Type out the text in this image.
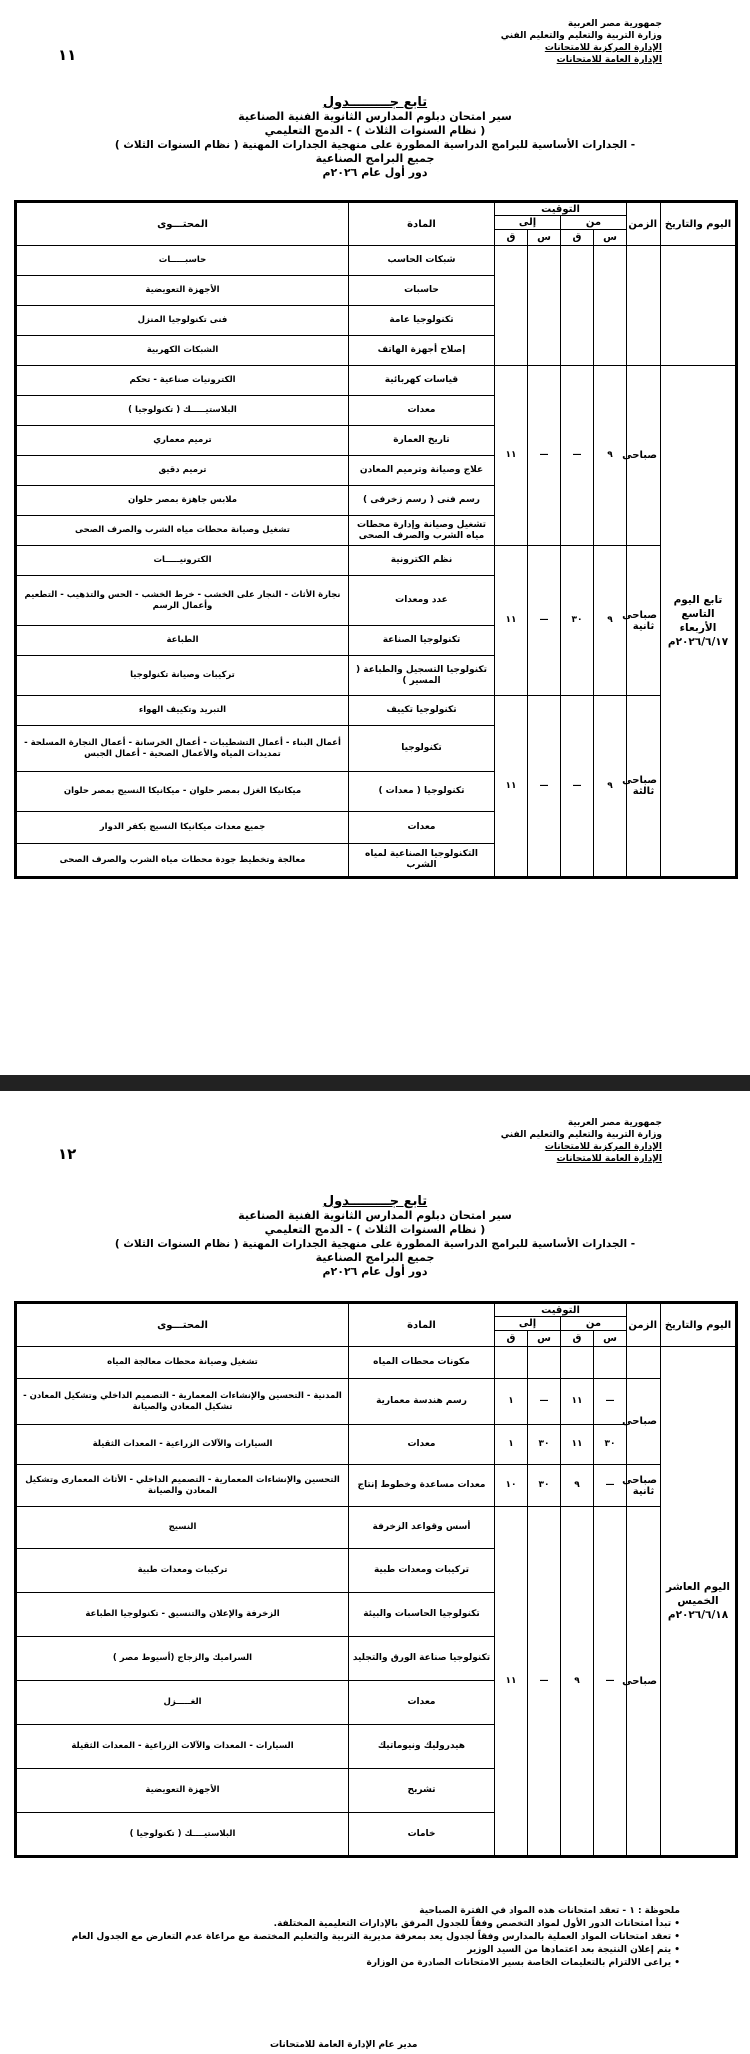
١١
جمهورية مصر العربية
وزارة التربية والتعليم والتعليم الفني
الإدارة المركزية للامتحانات
الإدارة العامة للامتحانات
تابع جـــــــــدول
سير امتحان دبلوم المدارس الثانوية الفنية الصناعية
( نظام السنوات الثلاث ) - الدمج التعليمي
- الجدارات الأساسية للبرامج الدراسية المطورة على منهجية الجدارات المهنية ( نظام السنوات الثلاث )
جميع البرامج الصناعية
دور أول عام ٢٠٢٦م
اليوم والتاريخ	الزمن	التوقيت				المادة	المحتـــوى
		من		إلى			
		س	ق	س	ق		
						شبكات الحاسب	حاسبـــــات
						حاسبات	الأجهزة التعويضية
						تكنولوجيا عامة	فنى تكنولوجيا المنزل
						إصلاح أجهزة الهاتف	الشبكات الكهربية
تابع اليوم التاسع الأربعاء ٢٠٢٦/٦/١٧م	صباحى	٩	—	—	١١	قياسات كهربائية	الكترونيات صناعية - تحكم
						معدات	البلاستيـــــك ( تكنولوجيا )
						تاريخ العمارة	ترميم معماري
						علاج وصيانة وترميم المعادن	ترميم دقيق
						رسم فنى ( رسم زخرفى )	ملابس جاهزة بمصر حلوان
						تشغيل وصيانة وإدارة محطات مياه الشرب والصرف الصحى	تشغيل وصيانة محطات مياه الشرب والصرف الصحى
	صباحى ثانية	٩	٣٠	—	١١	نظم الكترونية	الكترونيـــــات
						عدد ومعدات	نجارة الأثاث - النجار على الخشب - خرط الخشب - الحس والتذهيب - التطعيم وأعمال الرسم
						تكنولوجيا الصناعة	الطباعة
						تكنولوجيا التسجيل والطباعة ( المسير )	تركيبات وصيانة تكنولوجيا
	صباحى ثالثة	٩	—	—	١١	تكنولوجيا تكييف	التبريد وتكييف الهواء
						تكنولوجيا	أعمال البناء - أعمال التشطيبات - أعمال الخرسانة - أعمال النجارة المسلحة - تمديدات المياه والأعمال الصحية - أعمال الجبس
						تكنولوجيا ( معدات )	ميكانيكا الغزل بمصر حلوان - ميكانيكا النسيج بمصر حلوان
						معدات	جميع معدات ميكانيكا النسيج بكفر الدوار
						التكنولوجيا الصناعية لمياه الشرب	معالجة وتخطيط جودة محطات مياه الشرب والصرف الصحى
١٢
جمهورية مصر العربية
وزارة التربية والتعليم والتعليم الفني
الإدارة المركزية للامتحانات
الإدارة العامة للامتحانات
تابع جـــــــــدول
سير امتحان دبلوم المدارس الثانوية الفنية الصناعية
( نظام السنوات الثلاث ) - الدمج التعليمي
- الجدارات الأساسية للبرامج الدراسية المطورة على منهجية الجدارات المهنية ( نظام السنوات الثلاث )
جميع البرامج الصناعية
دور أول عام ٢٠٢٦م
اليوم والتاريخ	الزمن	التوقيت				المادة	المحتـــوى
		من		إلى			
		س	ق	س	ق		
اليوم العاشر الخميس ٢٠٢٦/٦/١٨م						مكونات محطات المياه	تشغيل وصيانة محطات معالجة المياه
	صباحى	—	١١	—	١	رسم هندسة معمارية	المدنية - التحسين والإنشاءات المعمارية - التصميم الداخلي وتشكيل المعادن - تشكيل المعادن والصيانة
		٣٠	١١	٣٠	١	معدات	السيارات والآلات الزراعية - المعدات الثقيلة
	صباحى ثانية	—	٩	٣٠	١٠	معدات مساعدة وخطوط إنتاج	التحسين والإنشاءات المعمارية - التصميم الداخلي - الأثاث المعمارى وتشكيل المعادن والصيانة
	صباحى	—	٩	—	١١	أسس وقواعد الزخرفة	النسيج
						تركيبات ومعدات طبية	تركيبات ومعدات طبية
						تكنولوجيا الحاسبات والبيئة	الزخرفة والإعلان والتنسيق - تكنولوجيا الطباعة
						تكنولوجيا صناعة الورق والتجليد	السراميك والزجاج (أسيوط مصر )
						معدات	الغـــــزل
						هيدروليك ونيوماتيك	السيارات - المعدات والآلات الزراعية - المعدات الثقيلة
						تشريح	الأجهزة التعويضية
						خامات	البلاستيــــك ( تكنولوجيا )
ملحوظة : ١ - تعقد امتحانات هذه المواد في الفترة الصباحية
• تبدأ امتحانات الدور الأول لمواد التخصص وفقاً للجدول المرفق بالإدارات التعليمية المختلفة.
• تعقد امتحانات المواد العملية بالمدارس وفقاً لجدول يعد بمعرفة مديرية التربية والتعليم المختصة مع مراعاة عدم التعارض مع الجدول العام
• يتم إعلان النتيجة بعد اعتمادها من السيد الوزير
• يراعى الالتزام بالتعليمات الخاصة بسير الامتحانات الصادرة من الوزارة
مدير عام الإدارة العامة للامتحانات
